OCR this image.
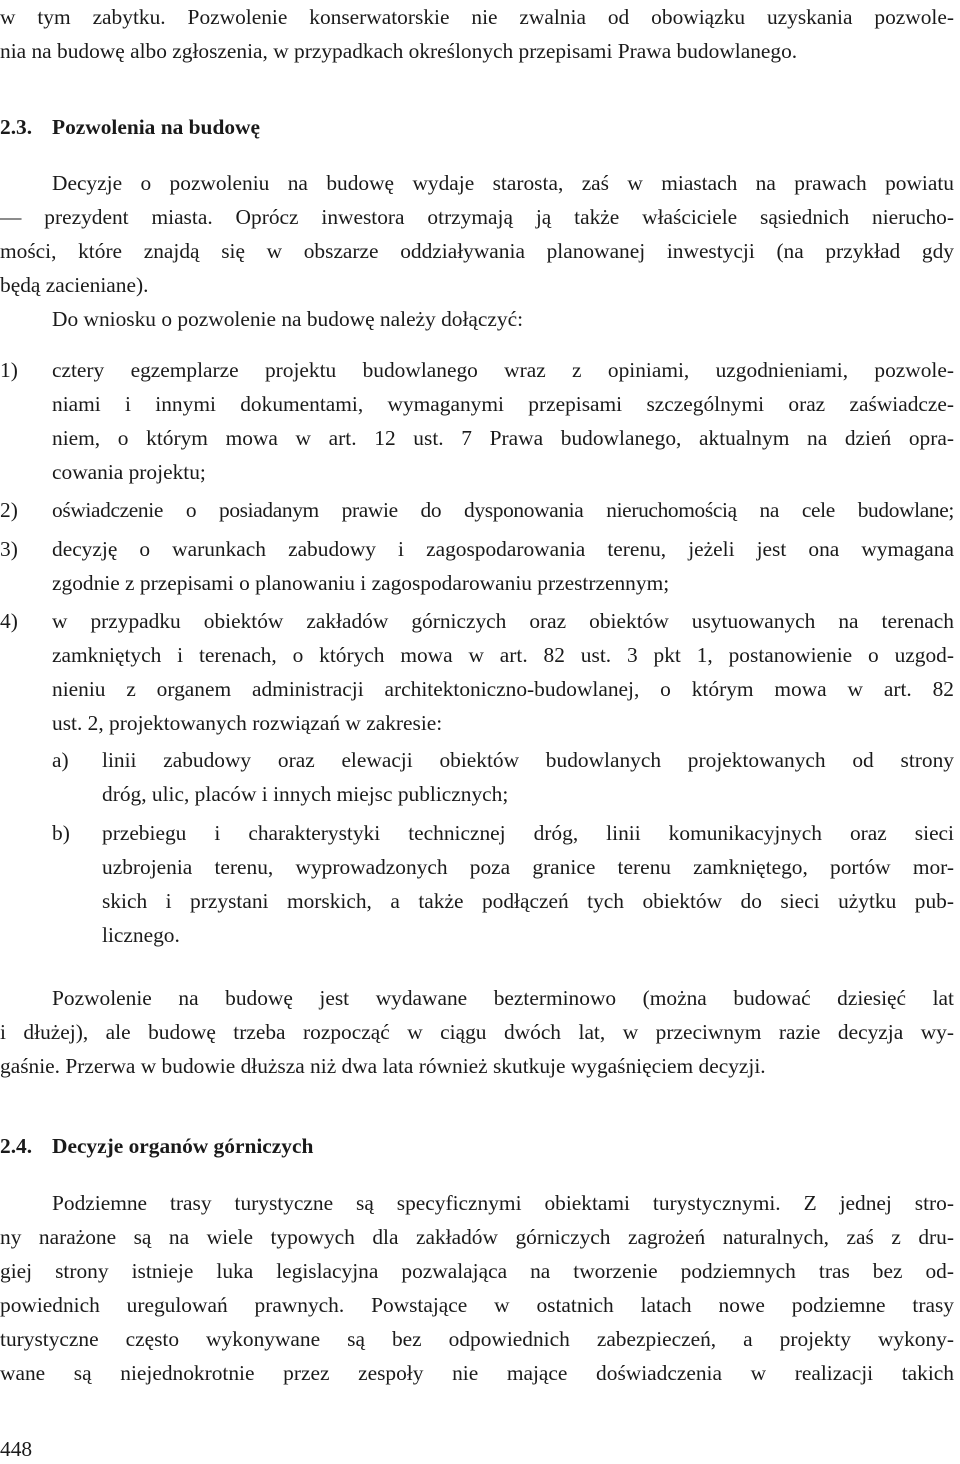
w tym zabytku. Pozwolenie konserwatorskie nie zwalnia od obowiązku uzyskania pozwole-
nia na budowę albo zgłoszenia, w przypadkach określonych przepisami Prawa budowlanego.
2.3. Pozwolenia na budowę
Decyzje o pozwoleniu na budowę wydaje starosta, zaś w miastach na prawach powiatu
— prezydent miasta. Oprócz inwestora otrzymają ją także właściciele sąsiednich nierucho-
mości, które znajdą się w obszarze oddziaływania planowanej inwestycji (na przykład gdy
będą zacieniane).
Do wniosku o pozwolenie na budowę należy dołączyć:
1) cztery egzemplarze projektu budowlanego wraz z opiniami, uzgodnieniami, pozwole-
niami i innymi dokumentami, wymaganymi przepisami szczególnymi oraz zaświadcze-
niem, o którym mowa w art. 12 ust. 7 Prawa budowlanego, aktualnym na dzień opra-
cowania projektu;
2) oświadczenie o posiadanym prawie do dysponowania nieruchomością na cele budowlane;
3) decyzję o warunkach zabudowy i zagospodarowania terenu, jeżeli jest ona wymagana
zgodnie z przepisami o planowaniu i zagospodarowaniu przestrzennym;
4) w przypadku obiektów zakładów górniczych oraz obiektów usytuowanych na terenach
zamkniętych i terenach, o których mowa w art. 82 ust. 3 pkt 1, postanowienie o uzgod-
nieniu z organem administracji architektoniczno-budowlanej, o którym mowa w art. 82
ust. 2, projektowanych rozwiązań w zakresie:
a) linii zabudowy oraz elewacji obiektów budowlanych projektowanych od strony
dróg, ulic, placów i innych miejsc publicznych;
b) przebiegu i charakterystyki technicznej dróg, linii komunikacyjnych oraz sieci
uzbrojenia terenu, wyprowadzonych poza granice terenu zamkniętego, portów mor-
skich i przystani morskich, a także podłączeń tych obiektów do sieci użytku pub-
licznego.
Pozwolenie na budowę jest wydawane bezterminowo (można budować dziesięć lat
i dłużej), ale budowę trzeba rozpocząć w ciągu dwóch lat, w przeciwnym razie decyzja wy-
gaśnie. Przerwa w budowie dłuższa niż dwa lata również skutkuje wygaśnięciem decyzji.
2.4. Decyzje organów górniczych
Podziemne trasy turystyczne są specyficznymi obiektami turystycznymi. Z jednej stro-
ny narażone są na wiele typowych dla zakładów górniczych zagrożeń naturalnych, zaś z dru-
giej strony istnieje luka legislacyjna pozwalająca na tworzenie podziemnych tras bez od-
powiednich uregulowań prawnych. Powstające w ostatnich latach nowe podziemne trasy
turystyczne często wykonywane są bez odpowiednich zabezpieczeń, a projekty wykony-
wane są niejednokrotnie przez zespoły nie mające doświadczenia w realizacji takich
448
